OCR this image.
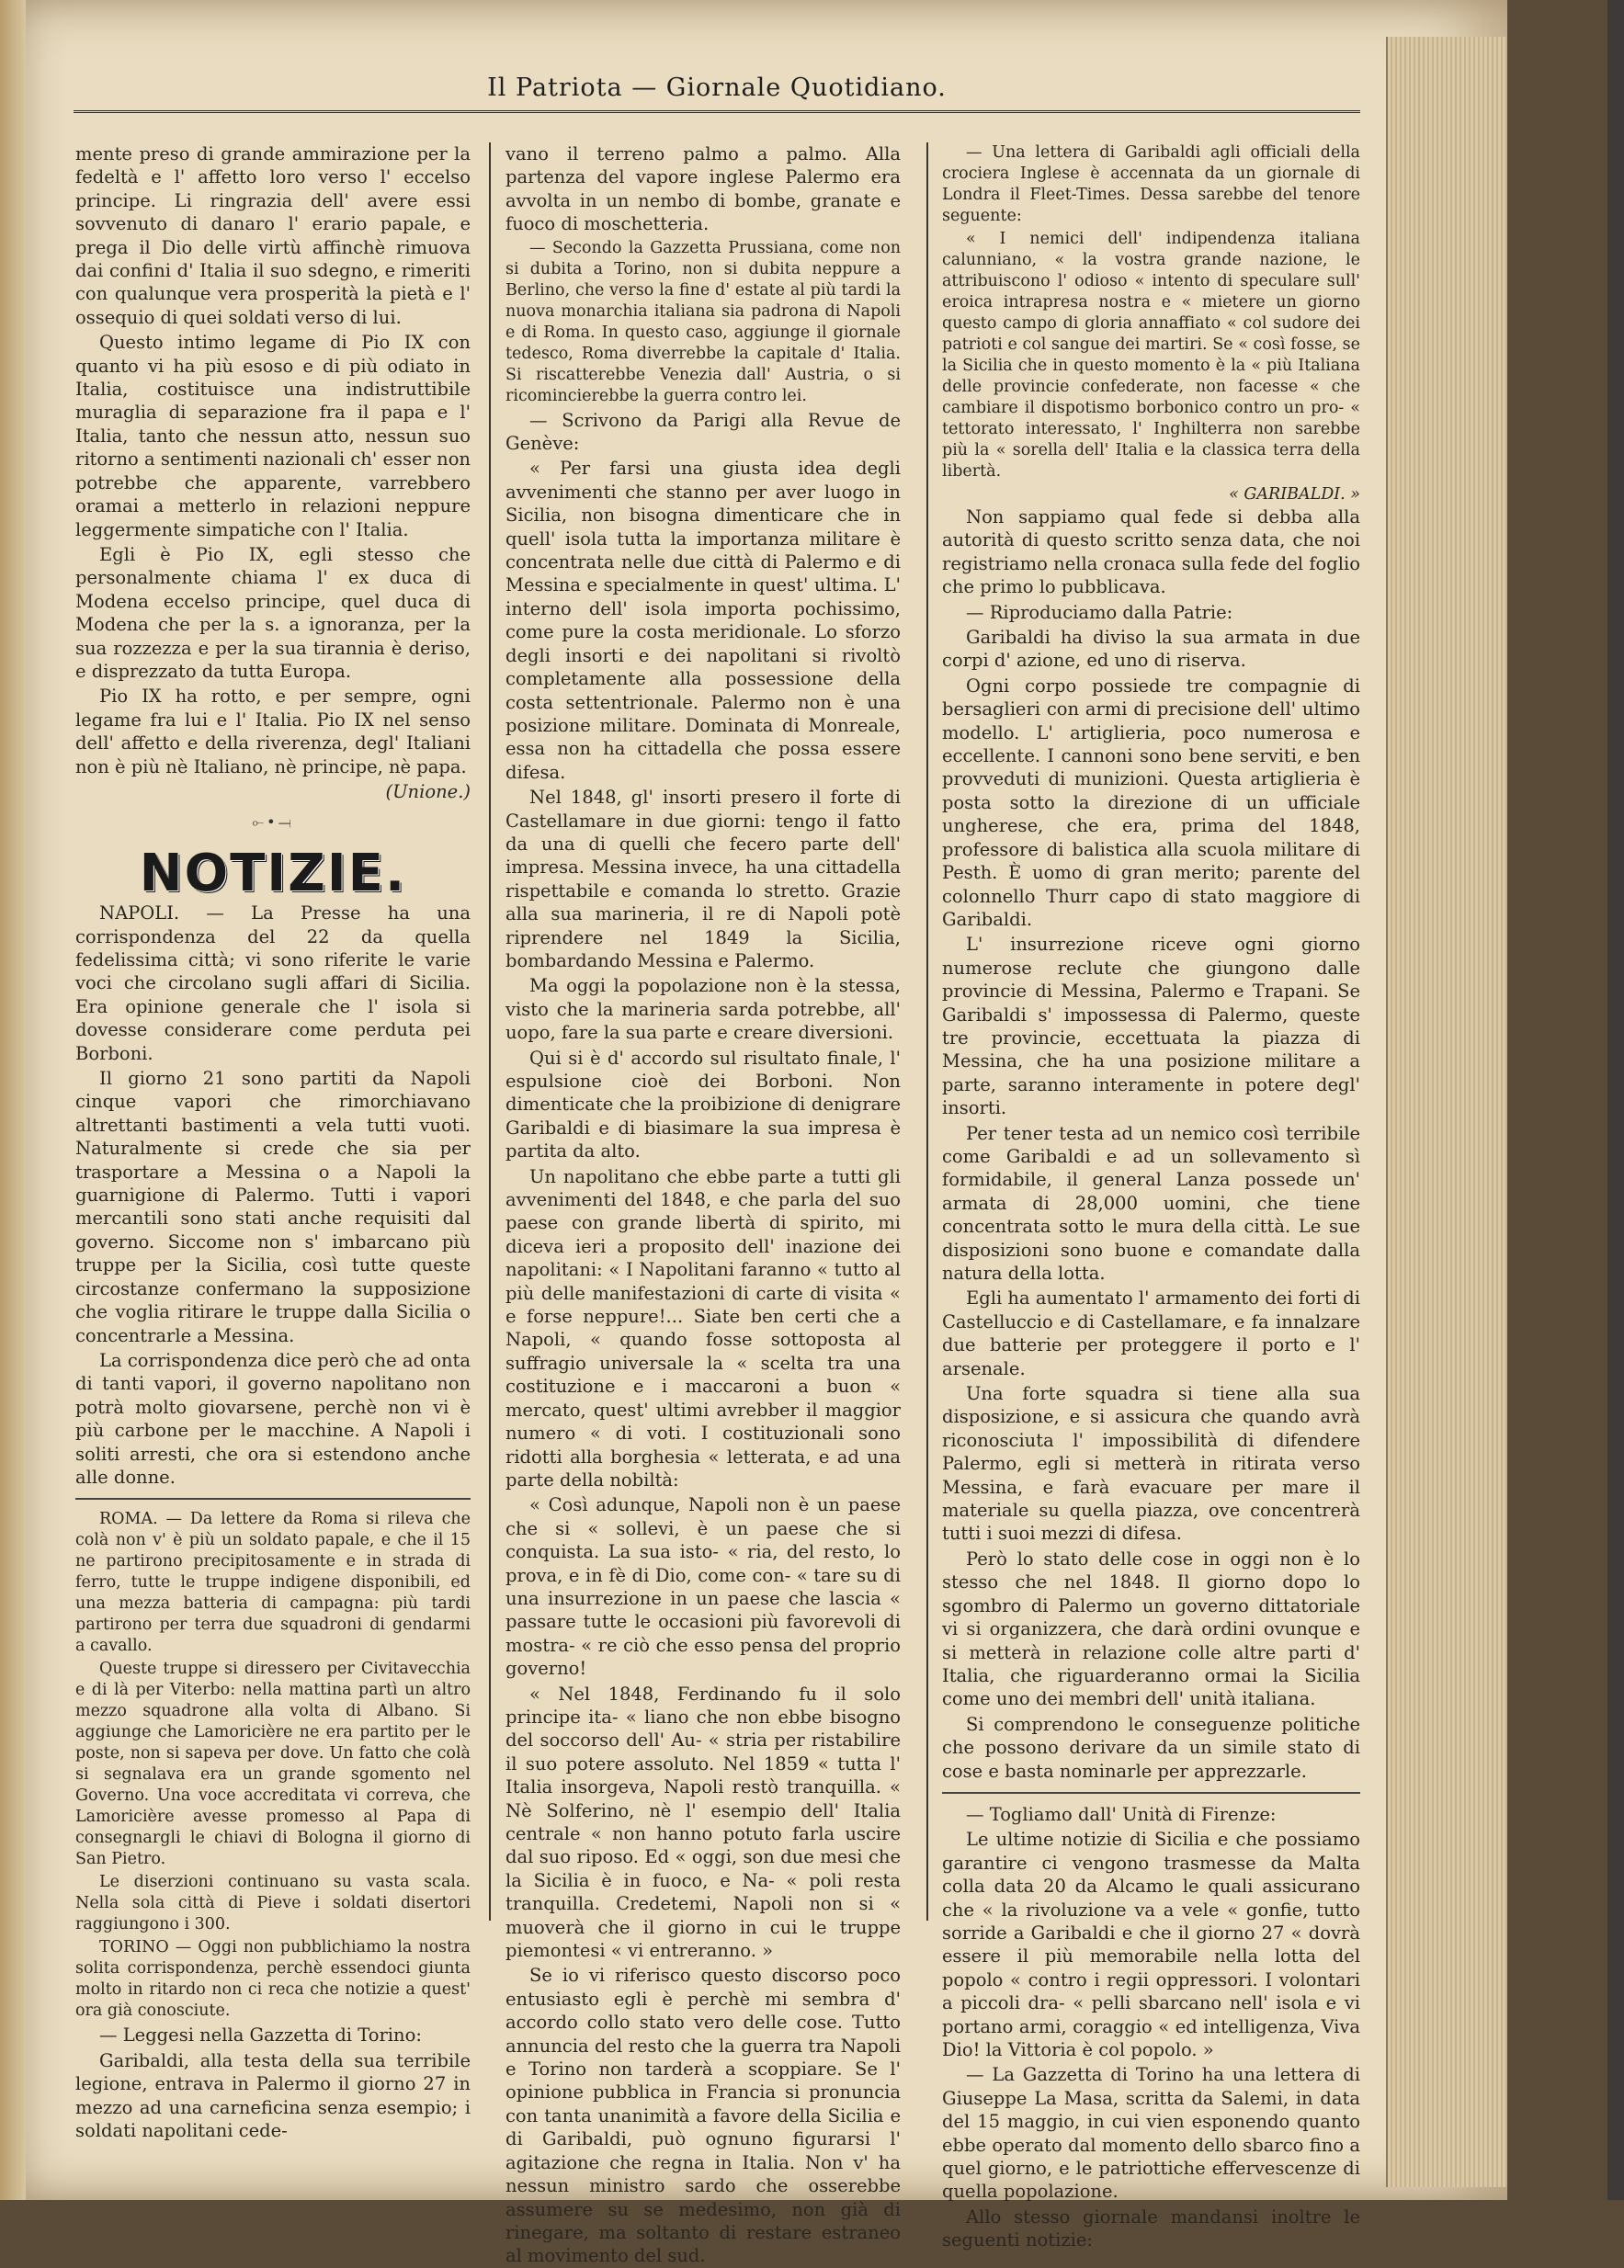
Il Patriota — Giornale Quotidiano.

mente preso di grande ammirazione per la fedeltà e l' affetto loro verso l' eccelso principe. Li ringrazia dell' avere essi sovvenuto di danaro l' erario papale, e prega il Dio delle virtù affinchè rimuova dai confini d' Italia il suo sdegno, e rimeriti con qualunque vera prosperità la pietà e l' ossequio di quei soldati verso di lui.

Questo intimo legame di Pio IX con quanto vi ha più esoso e di più odiato in Italia, costituisce una indistruttibile muraglia di separazione fra il papa e l' Italia, tanto che nessun atto, nessun suo ritorno a sentimenti nazionali ch' esser non potrebbe che apparente, varrebbero oramai a metterlo in relazioni neppure leggermente simpatiche con l' Italia.

Egli è Pio IX, egli stesso che personalmente chiama l' ex duca di Modena eccelso principe, quel duca di Modena che per la s. a ignoranza, per la sua rozzezza e per la sua tirannia è deriso, e disprezzato da tutta Europa.

Pio IX ha rotto, e per sempre, ogni legame fra lui e l' Italia. Pio IX nel senso dell' affetto e della riverenza, degl' Italiani non è più nè Italiano, nè principe, nè papa.

(Unione.)
⟜•⟞
NOTIZIE.

NAPOLI. — La Presse ha una corrispondenza del 22 da quella fedelissima città; vi sono riferite le varie voci che circolano sugli affari di Sicilia. Era opinione generale che l' isola si dovesse considerare come perduta pei Borboni.

Il giorno 21 sono partiti da Napoli cinque vapori che rimorchiavano altrettanti bastimenti a vela tutti vuoti. Naturalmente si crede che sia per trasportare a Messina o a Napoli la guarnigione di Palermo. Tutti i vapori mercantili sono stati anche requisiti dal governo. Siccome non s' imbarcano più truppe per la Sicilia, così tutte queste circostanze confermano la supposizione che voglia ritirare le truppe dalla Sicilia o concentrarle a Messina.

La corrispondenza dice però che ad onta di tanti vapori, il governo napolitano non potrà molto giovarsene, perchè non vi è più carbone per le macchine. A Napoli i soliti arresti, che ora si estendono anche alle donne.

ROMA. — Da lettere da Roma si rileva che colà non v' è più un soldato papale, e che il 15 ne partirono precipitosamente e in strada di ferro, tutte le truppe indigene disponibili, ed una mezza batteria di campagna: più tardi partirono per terra due squadroni di gendarmi a cavallo.

Queste truppe si diressero per Civitavecchia e di là per Viterbo: nella mattina partì un altro mezzo squadrone alla volta di Albano. Si aggiunge che Lamoricière ne era partito per le poste, non si sapeva per dove. Un fatto che colà si segnalava era un grande sgomento nel Governo. Una voce accreditata vi correva, che Lamoricière avesse promesso al Papa di consegnargli le chiavi di Bologna il giorno di San Pietro.

Le diserzioni continuano su vasta scala. Nella sola città di Pieve i soldati disertori raggiungono i 300.

TORINO — Oggi non pubblichiamo la nostra solita corrispondenza, perchè essendoci giunta molto in ritardo non ci reca che notizie a quest' ora già conosciute.

— Leggesi nella Gazzetta di Torino:

Garibaldi, alla testa della sua terribile legione, entrava in Palermo il giorno 27 in mezzo ad una carneficina senza esempio; i soldati napolitani cede-

vano il terreno palmo a palmo. Alla partenza del vapore inglese Palermo era avvolta in un nembo di bombe, granate e fuoco di moschetteria.

— Secondo la Gazzetta Prussiana, come non si dubita a Torino, non si dubita neppure a Berlino, che verso la fine d' estate al più tardi la nuova monarchia italiana sia padrona di Napoli e di Roma. In questo caso, aggiunge il giornale tedesco, Roma diverrebbe la capitale d' Italia. Si riscatterebbe Venezia dall' Austria, o si ricomincierebbe la guerra contro lei.

— Scrivono da Parigi alla Revue de Genève:

« Per farsi una giusta idea degli avvenimenti che stanno per aver luogo in Sicilia, non bisogna dimenticare che in quell' isola tutta la importanza militare è concentrata nelle due città di Palermo e di Messina e specialmente in quest' ultima. L' interno dell' isola importa pochissimo, come pure la costa meridionale. Lo sforzo degli insorti e dei napolitani si rivoltò completamente alla possessione della costa settentrionale. Palermo non è una posizione militare. Dominata di Monreale, essa non ha cittadella che possa essere difesa.

Nel 1848, gl' insorti presero il forte di Castellamare in due giorni: tengo il fatto da una di quelli che fecero parte dell' impresa. Messina invece, ha una cittadella rispettabile e comanda lo stretto. Grazie alla sua marineria, il re di Napoli potè riprendere nel 1849 la Sicilia, bombardando Messina e Palermo.

Ma oggi la popolazione non è la stessa, visto che la marineria sarda potrebbe, all' uopo, fare la sua parte e creare diversioni.

Qui si è d' accordo sul risultato finale, l' espulsione cioè dei Borboni. Non dimenticate che la proibizione di denigrare Garibaldi e di biasimare la sua impresa è partita da alto.

Un napolitano che ebbe parte a tutti gli avvenimenti del 1848, e che parla del suo paese con grande libertà di spirito, mi diceva ieri a proposito dell' inazione dei napolitani: « I Napolitani faranno « tutto al più delle manifestazioni di carte di visita « e forse neppure!... Siate ben certi che a Napoli, « quando fosse sottoposta al suffragio universale la « scelta tra una costituzione e i maccaroni a buon « mercato, quest' ultimi avrebber il maggior numero « di voti. I costituzionali sono ridotti alla borghesia « letterata, e ad una parte della nobiltà:

« Così adunque, Napoli non è un paese che si « sollevi, è un paese che si conquista. La sua isto- « ria, del resto, lo prova, e in fè di Dio, come con- « tare su di una insurrezione in un paese che lascia « passare tutte le occasioni più favorevoli di mostra- « re ciò che esso pensa del proprio governo!

« Nel 1848, Ferdinando fu il solo principe ita- « liano che non ebbe bisogno del soccorso dell' Au- « stria per ristabilire il suo potere assoluto. Nel 1859 « tutta l' Italia insorgeva, Napoli restò tranquilla. « Nè Solferino, nè l' esempio dell' Italia centrale « non hanno potuto farla uscire dal suo riposo. Ed « oggi, son due mesi che la Sicilia è in fuoco, e Na- « poli resta tranquilla. Credetemi, Napoli non si « muoverà che il giorno in cui le truppe piemontesi « vi entreranno. »

Se io vi riferisco questo discorso poco entusiasto egli è perchè mi sembra d' accordo collo stato vero delle cose. Tutto annuncia del resto che la guerra tra Napoli e Torino non tarderà a scoppiare. Se l' opinione pubblica in Francia si pronuncia con tanta unanimità a favore della Sicilia e di Garibaldi, può ognuno figurarsi l' agitazione che regna in Italia. Non v' ha nessun ministro sardo che osserebbe assumere su se medesimo, non già di rinegare, ma soltanto di restare estraneo al movimento del sud.

— Una lettera di Garibaldi agli officiali della crociera Inglese è accennata da un giornale di Londra il Fleet-Times. Dessa sarebbe del tenore seguente:

« I nemici dell' indipendenza italiana calunniano, « la vostra grande nazione, le attribuiscono l' odioso « intento di speculare sull' eroica intrapresa nostra e « mietere un giorno questo campo di gloria annaffiato « col sudore dei patrioti e col sangue dei martiri. Se « così fosse, se la Sicilia che in questo momento è la « più Italiana delle provincie confederate, non facesse « che cambiare il dispotismo borbonico contro un pro- « tettorato interessato, l' Inghilterra non sarebbe più la « sorella dell' Italia e la classica terra della libertà.

« GARIBALDI. »

Non sappiamo qual fede si debba alla autorità di questo scritto senza data, che noi registriamo nella cronaca sulla fede del foglio che primo lo pubblicava.

— Riproduciamo dalla Patrie:

Garibaldi ha diviso la sua armata in due corpi d' azione, ed uno di riserva.

Ogni corpo possiede tre compagnie di bersaglieri con armi di precisione dell' ultimo modello. L' artiglieria, poco numerosa e eccellente. I cannoni sono bene serviti, e ben provveduti di munizioni. Questa artiglieria è posta sotto la direzione di un ufficiale ungherese, che era, prima del 1848, professore di balistica alla scuola militare di Pesth. È uomo di gran merito; parente del colonnello Thurr capo di stato maggiore di Garibaldi.

L' insurrezione riceve ogni giorno numerose reclute che giungono dalle provincie di Messina, Palermo e Trapani. Se Garibaldi s' impossessa di Palermo, queste tre provincie, eccettuata la piazza di Messina, che ha una posizione militare a parte, saranno interamente in potere degl' insorti.

Per tener testa ad un nemico così terribile come Garibaldi e ad un sollevamento sì formidabile, il general Lanza possede un' armata di 28,000 uomini, che tiene concentrata sotto le mura della città. Le sue disposizioni sono buone e comandate dalla natura della lotta.

Egli ha aumentato l' armamento dei forti di Castelluccio e di Castellamare, e fa innalzare due batterie per proteggere il porto e l' arsenale.

Una forte squadra si tiene alla sua disposizione, e si assicura che quando avrà riconosciuta l' impossibilità di difendere Palermo, egli si metterà in ritirata verso Messina, e farà evacuare per mare il materiale su quella piazza, ove concentrerà tutti i suoi mezzi di difesa.

Però lo stato delle cose in oggi non è lo stesso che nel 1848. Il giorno dopo lo sgombro di Palermo un governo dittatoriale vi si organizzera, che darà ordini ovunque e si metterà in relazione colle altre parti d' Italia, che riguarderanno ormai la Sicilia come uno dei membri dell' unità italiana.

Si comprendono le conseguenze politiche che possono derivare da un simile stato di cose e basta nominarle per apprezzarle.

— Togliamo dall' Unità di Firenze:

Le ultime notizie di Sicilia e che possiamo garantire ci vengono trasmesse da Malta colla data 20 da Alcamo le quali assicurano che « la rivoluzione va a vele « gonfie, tutto sorride a Garibaldi e che il giorno 27 « dovrà essere il più memorabile nella lotta del popolo « contro i regii oppressori. I volontari a piccoli dra- « pelli sbarcano nell' isola e vi portano armi, coraggio « ed intelligenza, Viva Dio! la Vittoria è col popolo. »

— La Gazzetta di Torino ha una lettera di Giuseppe La Masa, scritta da Salemi, in data del 15 maggio, in cui vien esponendo quanto ebbe operato dal momento dello sbarco fino a quel giorno, e le patriottiche effervescenze di quella popolazione.

Allo stesso giornale mandansi inoltre le seguenti notizie:
